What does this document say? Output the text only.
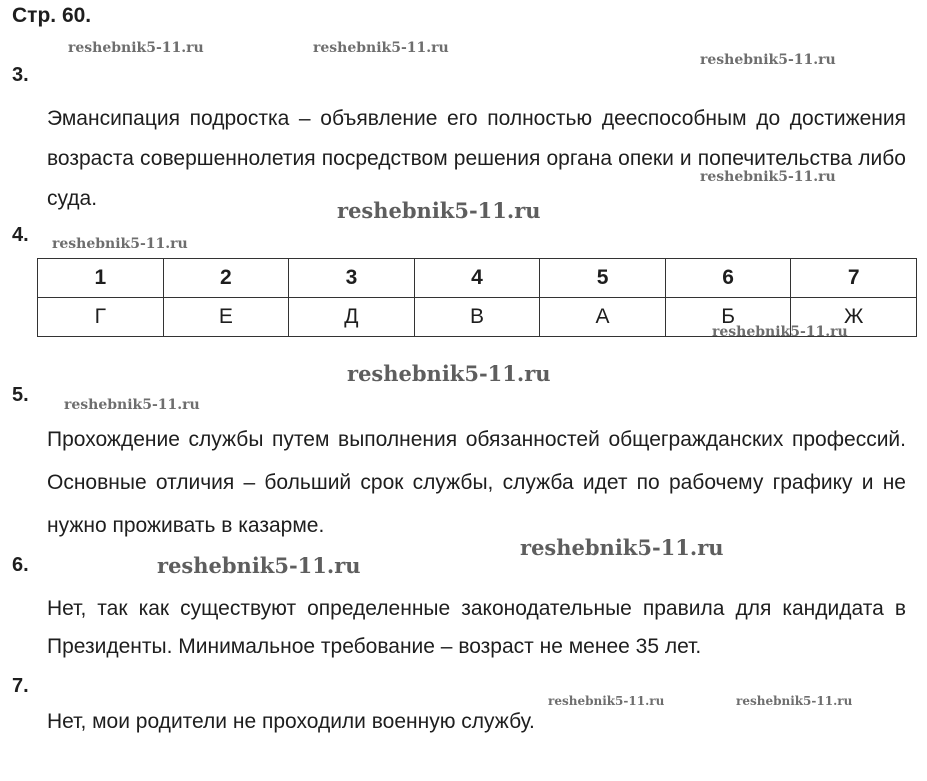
Стр. 60.
3.
Эмансипация подростка – объявление его полностью дееспособным до достижения возраста совершеннолетия посредством решения органа опеки и попечительства либо суда.
4.
1	2	3	4	5	6	7
Г	Е	Д	В	А	Б	Ж
5.
Прохождение службы путем выполнения обязанностей общегражданских профессий. Основные отличия – больший срок службы, служба идет по рабочему графику и не нужно проживать в казарме.
6.
Нет, так как существуют определенные законодательные правила для кандидата в Президенты. Минимальное требование – возраст не менее 35 лет.
7.
Нет, мои родители не проходили военную службу.
reshebnik5-11.ru	reshebnik5-11.ru
reshebnik5-11.ru
reshebnik5-11.ru
reshebnik5-11.ru
reshebnik5-11.ru
reshebnik5-11.ru
reshebnik5-11.ru
reshebnik5-11.ru
reshebnik5-11.ru
reshebnik5-11.ru
reshebnik5-11.ru	reshebnik5-11.ru
